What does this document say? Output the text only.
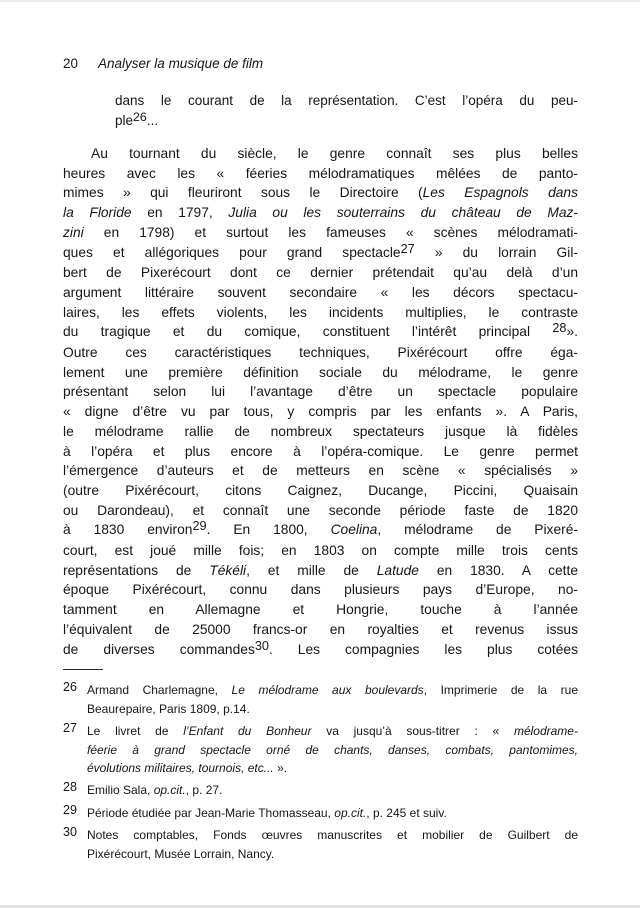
20 Analyser la musique de film
dans le courant de la représentation. C’est l’opéra du peu-
ple26...
Au tournant du siècle, le genre connaît ses plus belles
heures avec les « féeries mélodramatiques mêlées de panto-
mimes » qui fleuriront sous le Directoire (Les Espagnols dans
la Floride en 1797, Julia ou les souterrains du château de Maz-
zini en 1798) et surtout les fameuses « scènes mélodramati-
ques et allégoriques pour grand spectacle27 » du lorrain Gil-
bert de Pixerécourt dont ce dernier prétendait qu’au delà d’un
argument littéraire souvent secondaire « les décors spectacu-
laires, les effets violents, les incidents multiplies, le contraste
du tragique et du comique, constituent l’intérêt principal 28».
Outre ces caractéristiques techniques, Pixérécourt offre éga-
lement une première définition sociale du mélodrame, le genre
présentant selon lui l’avantage d’être un spectacle populaire
« digne d’être vu par tous, y compris par les enfants ». A Paris,
le mélodrame rallie de nombreux spectateurs jusque là fidèles
à l’opéra et plus encore à l’opéra-comique. Le genre permet
l’émergence d’auteurs et de metteurs en scène « spécialisés »
(outre Pixérécourt, citons Caignez, Ducange, Piccini, Quaisain
ou Darondeau), et connaît une seconde période faste de 1820
à 1830 environ29. En 1800, Coelina, mélodrame de Pixeré-
court, est joué mille fois; en 1803 on compte mille trois cents
représentations de Tékéli, et mille de Latude en 1830. A cette
époque Pixérécourt, connu dans plusieurs pays d’Europe, no-
tamment en Allemagne et Hongrie, touche à l’année
l’équivalent de 25000 francs-or en royalties et revenus issus
de diverses commandes30. Les compagnies les plus cotées
26 Armand Charlemagne, Le mélodrame aux boulevards, Imprimerie de la rue
Beaurepaire, Paris 1809, p.14.
27 Le livret de l’Enfant du Bonheur va jusqu’à sous-titrer : « mélodrame-
féerie à grand spectacle orné de chants, danses, combats, pantomimes,
évolutions militaires, tournois, etc... ».
28 Emilio Sala, op.cit., p. 27.
29 Période étudiée par Jean-Marie Thomasseau, op.cit., p. 245 et suiv.
30 Notes comptables, Fonds œuvres manuscrites et mobilier de Guilbert de
Pixérécourt, Musée Lorrain, Nancy.
